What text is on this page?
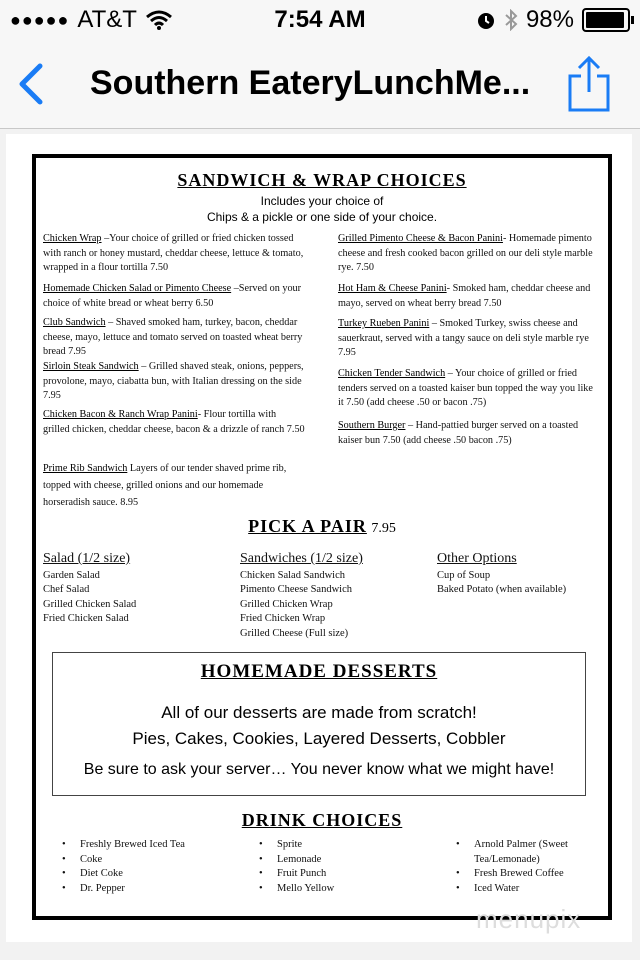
●●●●● AT&T	7:54 AM	98%
Southern EateryLunchMe...
SANDWICH & WRAP CHOICES
Includes your choice of
Chips & a pickle or one side of your choice.
Chicken Wrap –Your choice of grilled or fried chicken tossed with ranch or honey mustard, cheddar cheese, lettuce & tomato, wrapped in a flour tortilla 7.50
Homemade Chicken Salad or Pimento Cheese –Served on your choice of white bread or wheat berry 6.50
Club Sandwich – Shaved smoked ham, turkey, bacon, cheddar cheese, mayo, lettuce and tomato served on toasted wheat berry bread 7.95
Sirloin Steak Sandwich – Grilled shaved steak, onions, peppers, provolone, mayo, ciabatta bun, with Italian dressing on the side 7.95
Chicken Bacon & Ranch Wrap Panini- Flour tortilla with grilled chicken, cheddar cheese, bacon & a drizzle of ranch 7.50
Prime Rib Sandwich Layers of our tender shaved prime rib, topped with cheese, grilled onions and our homemade horseradish sauce. 8.95
Grilled Pimento Cheese & Bacon Panini- Homemade pimento cheese and fresh cooked bacon grilled on our deli style marble rye. 7.50
Hot Ham & Cheese Panini- Smoked ham, cheddar cheese and mayo, served on wheat berry bread 7.50
Turkey Rueben Panini – Smoked Turkey, swiss cheese and sauerkraut, served with a tangy sauce on deli style marble rye 7.95
Chicken Tender Sandwich – Your choice of grilled or fried tenders served on a toasted kaiser bun topped the way you like it 7.50 (add cheese .50 or bacon .75)
Southern Burger – Hand-pattied burger served on a toasted kaiser bun 7.50 (add cheese .50 bacon .75)
PICK A PAIR 7.95
Salad (1/2 size)
Garden Salad
Chef Salad
Grilled Chicken Salad
Fried Chicken Salad
Sandwiches (1/2 size)
Chicken Salad Sandwich
Pimento Cheese Sandwich
Grilled Chicken Wrap
Fried Chicken Wrap
Grilled Cheese (Full size)
Other Options
Cup of Soup
Baked Potato (when available)
HOMEMADE DESSERTS
All of our desserts are made from scratch!
Pies, Cakes, Cookies, Layered Desserts, Cobbler
Be sure to ask your server… You never know what we might have!
DRINK CHOICES
• Freshly Brewed Iced Tea
• Coke
• Diet Coke
• Dr. Pepper
• Sprite
• Lemonade
• Fruit Punch
• Mello Yellow
• Arnold Palmer (Sweet Tea/Lemonade)
• Fresh Brewed Coffee
• Iced Water
menupix
